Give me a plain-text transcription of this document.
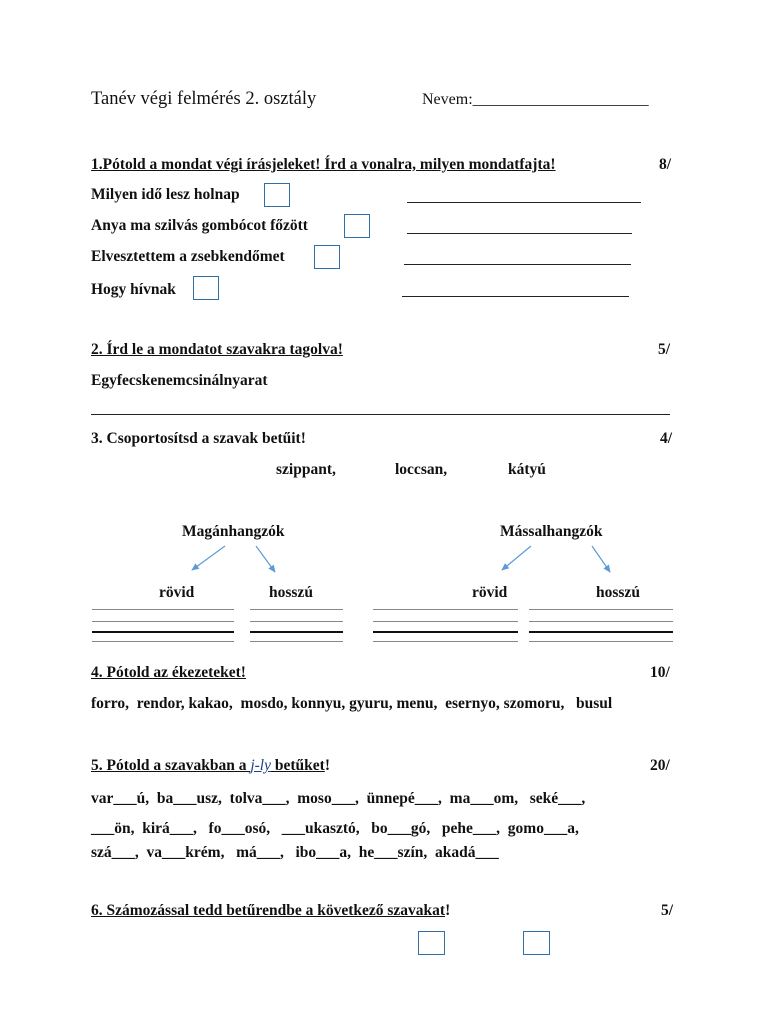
Tanév végi felmérés 2. osztály	Nevem:______________________
1.Pótold a mondat végi írásjeleket! Írd a vonalra, milyen mondatfajta!	8/
Milyen idő lesz holnap
Anya ma szilvás gombócot főzött
Elvesztettem a zsebkendőmet
Hogy hívnak
2. Írd le a mondatot szavakra tagolva!	5/
Egyfecskenemcsinálnyarat
3. Csoportosítsd a szavak betűit!	4/
szippant,	loccsan,	kátyú
Magánhangzók	Mássalhangzók
rövid	hosszú	rövid	hosszú
4. Pótold az ékezeteket!	10/
forro,  rendor, kakao,  mosdo, konnyu, gyuru, menu,  esernyo, szomoru,   busul
5. Pótold a szavakban a j-ly betűket!	20/
var___ú,  ba___usz,  tolva___,  moso___,  ünnepé___,  ma___om,   seké___,
___ön,  kirá___,   fo___osó,   ___ukasztó,   bo___gó,   pehe___,  gomo___a,
szá___,  va___krém,   má___,   ibo___a,  he___szín,  akadá___
6. Számozással tedd betűrendbe a következő szavakat!	5/
